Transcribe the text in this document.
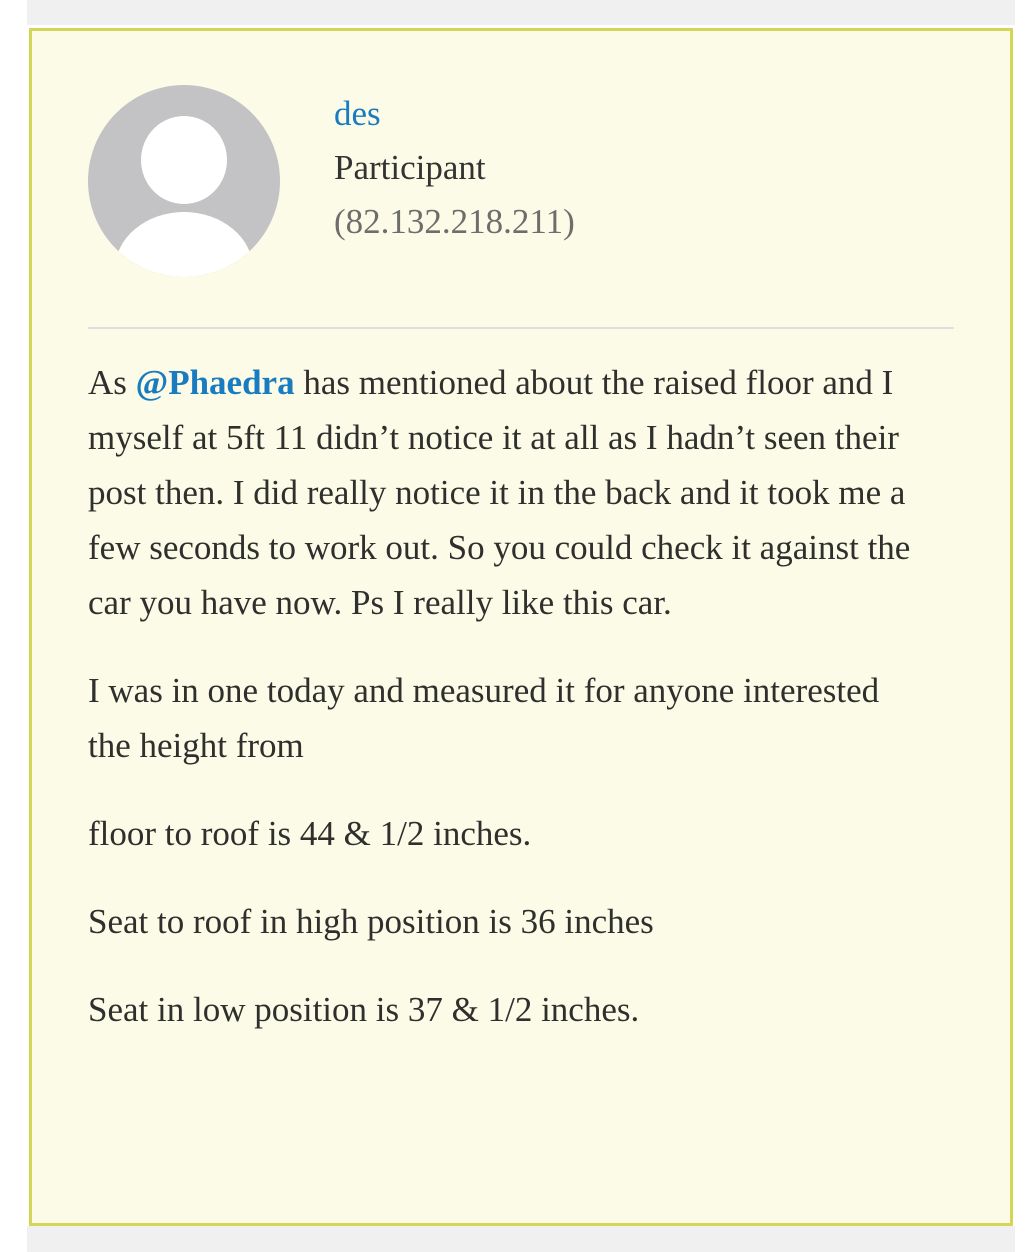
des
Participant
(82.132.218.211)

As @Phaedra has mentioned about the raised floor and I myself at 5ft 11 didn’t notice it at all as I hadn’t seen their post then. I did really notice it in the back and it took me a few seconds to work out. So you could check it against the car you have now. Ps I really like this car.

I was in one today and measured it for anyone interested the height from

floor to roof is 44 & 1/2 inches.

Seat to roof in high position is 36 inches

Seat in low position is 37 & 1/2 inches.
